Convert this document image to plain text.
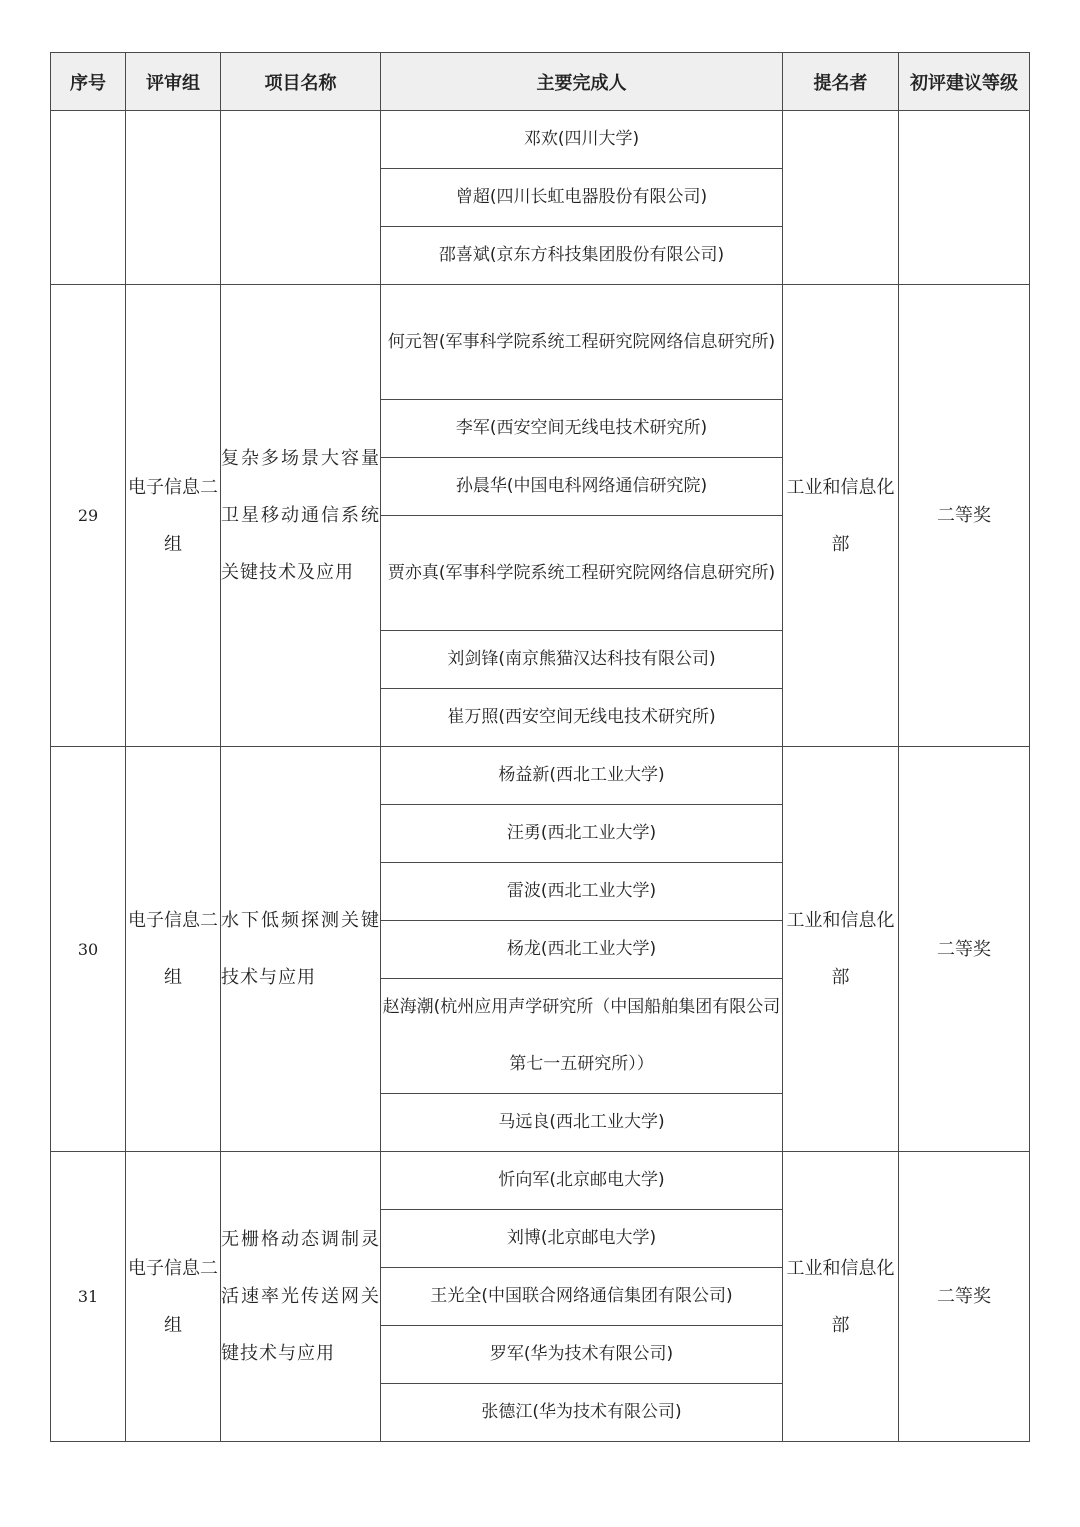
序号	评审组	项目名称	主要完成人	提名者	初评建议等级
			邓欢(四川大学)		
			曾超(四川长虹电器股份有限公司)		
			邵喜斌(京东方科技集团股份有限公司)		
29	电子信息二组	复杂多场景大容量卫星移动通信系统关键技术及应用	何元智(军事科学院系统工程研究院网络信息研究所)	工业和信息化部	二等奖
			李军(西安空间无线电技术研究所)		
			孙晨华(中国电科网络通信研究院)		
			贾亦真(军事科学院系统工程研究院网络信息研究所)		
			刘剑锋(南京熊猫汉达科技有限公司)		
			崔万照(西安空间无线电技术研究所)		
30	电子信息二组	水下低频探测关键技术与应用	杨益新(西北工业大学)	工业和信息化部	二等奖
			汪勇(西北工业大学)		
			雷波(西北工业大学)		
			杨龙(西北工业大学)		
			赵海潮(杭州应用声学研究所（中国船舶集团有限公司第七一五研究所））		
			马远良(西北工业大学)		
31	电子信息二组	无栅格动态调制灵活速率光传送网关键技术与应用	忻向军(北京邮电大学)	工业和信息化部	二等奖
			刘博(北京邮电大学)		
			王光全(中国联合网络通信集团有限公司)		
			罗军(华为技术有限公司)		
			张德江(华为技术有限公司)		
